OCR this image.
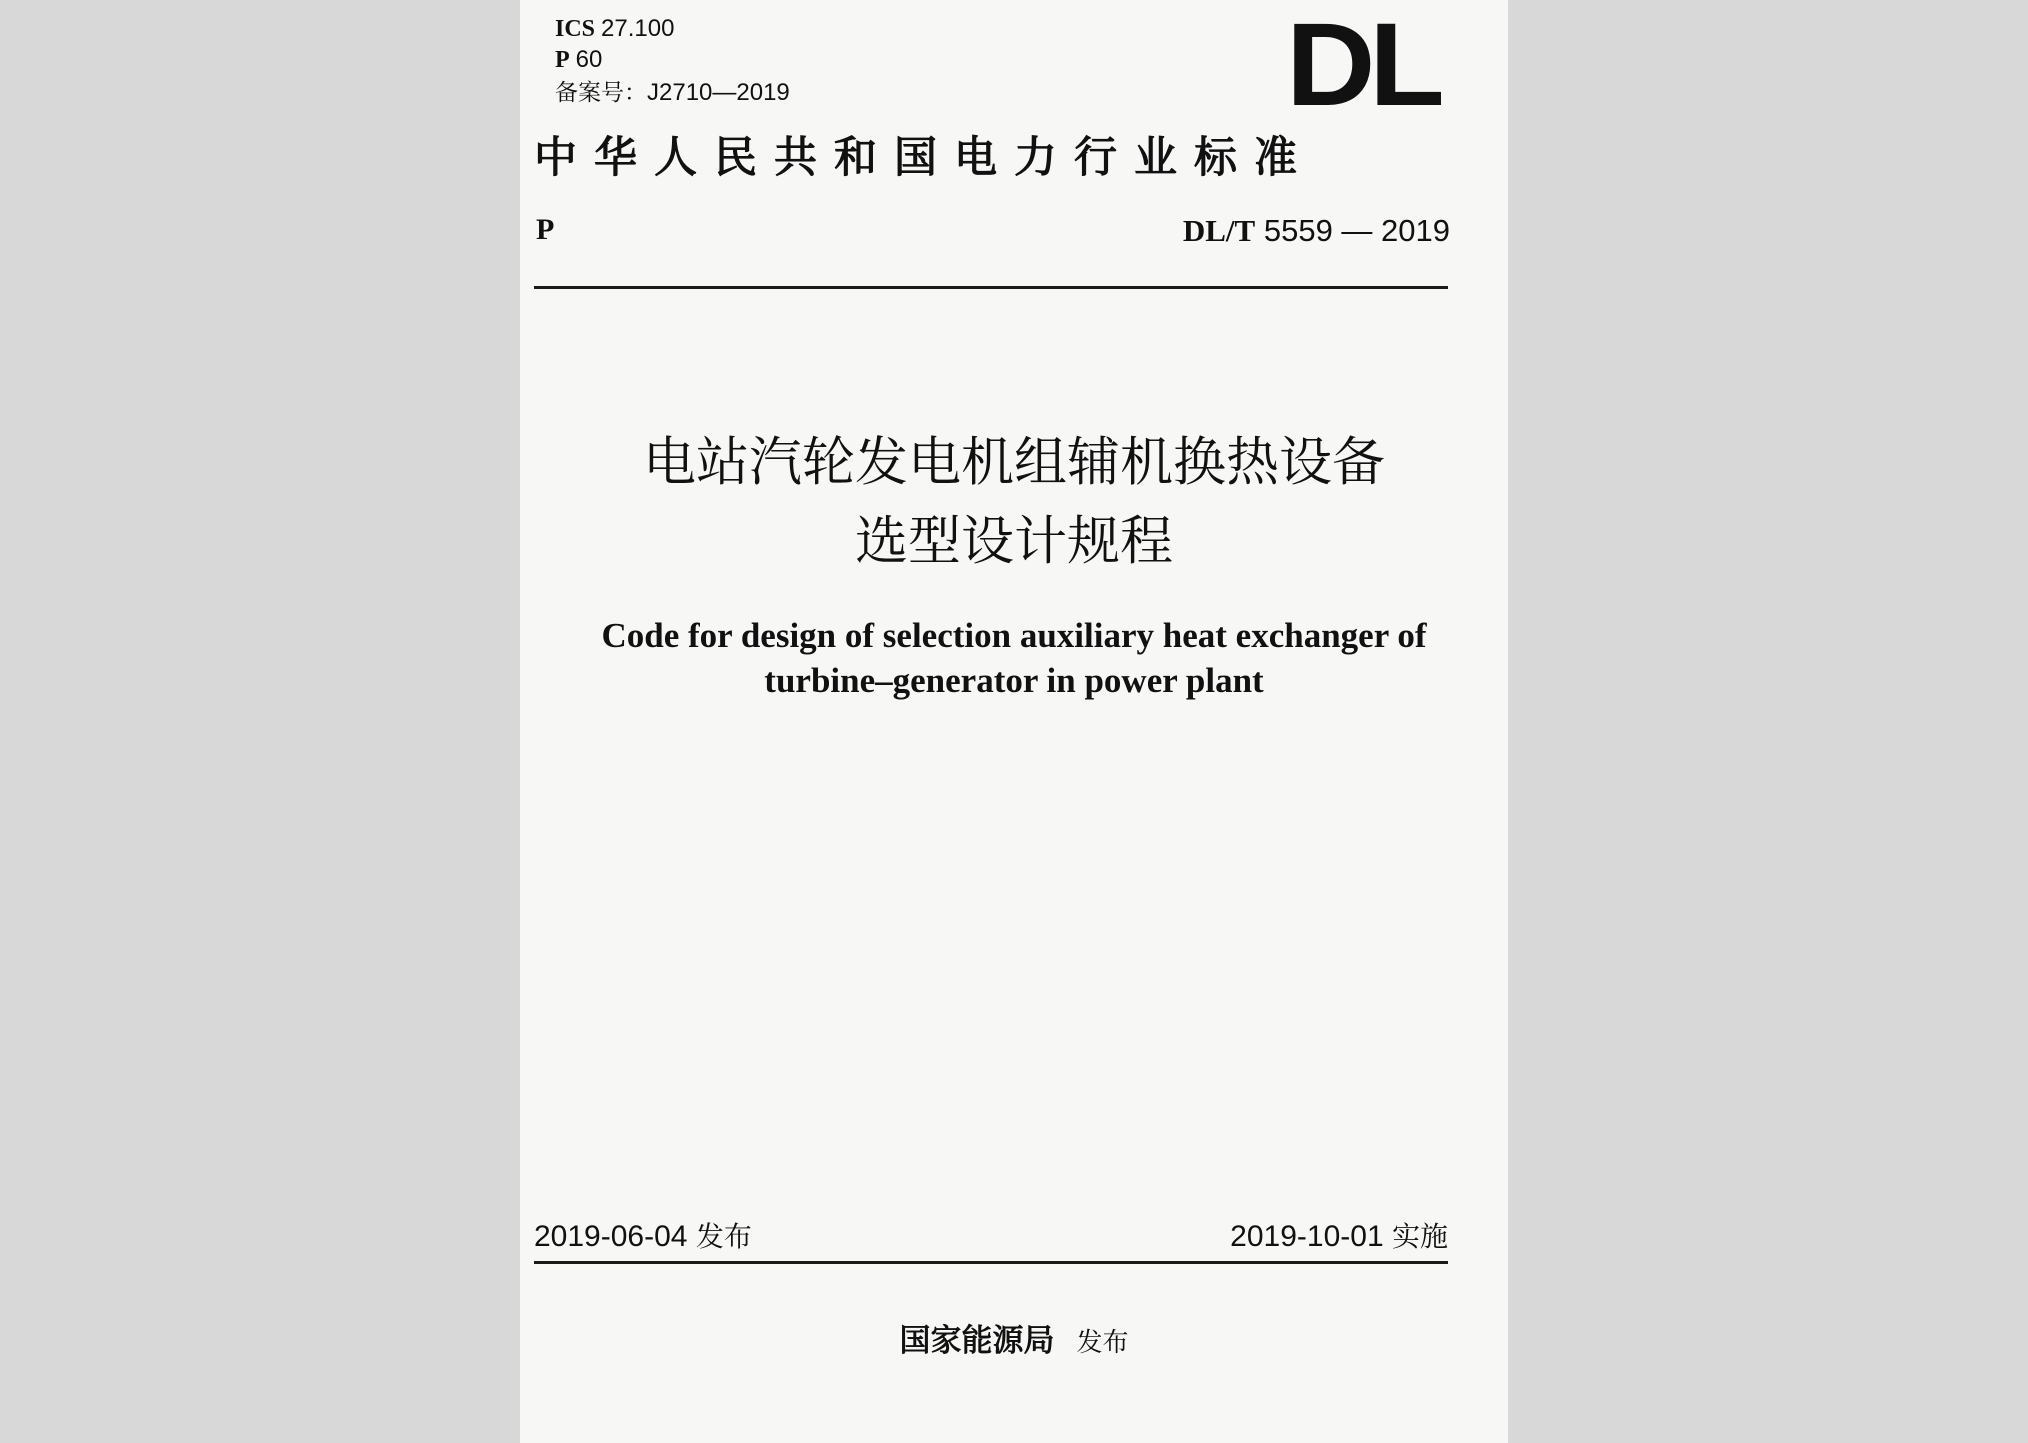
ICS 27.100
P 60
备案号：J2710—2019	DL
中华人民共和国电力行业标准
P	DL/T 5559 — 2019
电站汽轮发电机组辅机换热设备
选型设计规程
Code for design of selection auxiliary heat exchanger of
turbine–generator in power plant
2019-06-04 发布	2019-10-01 实施
国家能源局 发布
